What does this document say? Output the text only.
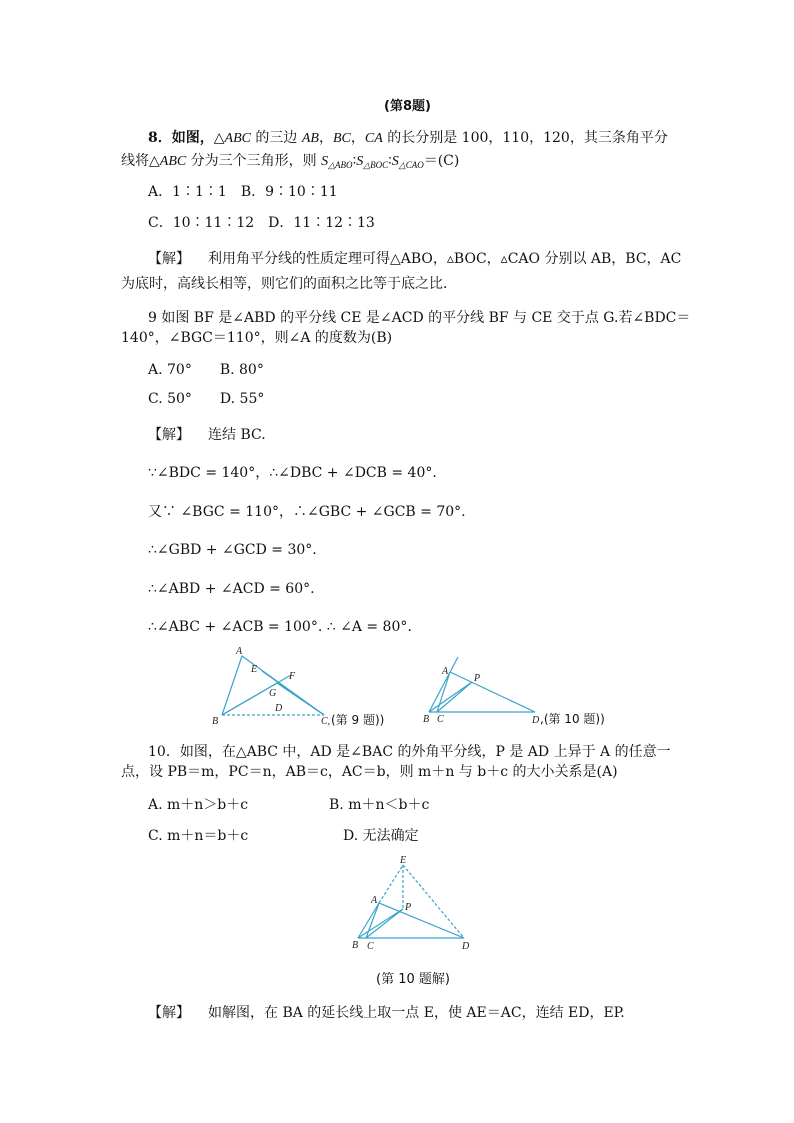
(第8题)
8．如图，△ABC 的三边 AB，BC，CA 的长分别是 100，110，120，其三条角平分
线将△ABC 分为三个三角形，则 $S_{\triangle ABO}∶S_{\triangle BOC}∶S_{\triangle CAO}=(C)$
A．1∶1∶1　B．9∶10∶11
C．10∶11∶12　D．11∶12∶13
【解】 利用角平分线的性质定理可得△ABO，▵BOC，▵CAO 分别以 AB，BC，AC
为底时，高线长相等，则它们的面积之比等于底之比．
9 如图 BF 是∠ABD 的平分线 CE 是∠ACD 的平分线 BF 与 CE 交于点 G.若∠BDC＝
140°，∠BGC＝110°，则∠A 的度数为(B)
A. 70°　　B. 80°
C. 50°　　D. 55°
【解】 连结 BC.
∵∠BDC = 140°，∴∠DBC + ∠DCB = 40°.
又∵ ∠BGC = 110°，∴∠GBC + ∠GCB = 70°.
∴∠GBD + ∠GCD = 30°.
∴∠ABD + ∠ACD = 60°.
∴∠ABC + ∠ACB = 100°. ∴ ∠A = 80°.
A
E
F
G
D
B	C, (第 9 题))
A
P
B C	D ,(第 10 题))
10．如图，在△ABC 中，AD 是∠BAC 的外角平分线，P 是 AD 上异于 A 的任意一
点，设 PB＝m，PC＝n，AB＝c，AC＝b，则 m＋n 与 b＋c 的大小关系是(A)
A. m＋n＞b＋c	B. m＋n＜b＋c
C. m＋n＝b＋c	D. 无法确定
E
A
P
B C	D
(第 10 题解)
【解】 如解图，在 BA 的延长线上取一点 E，使 AE＝AC，连结 ED，EP.
